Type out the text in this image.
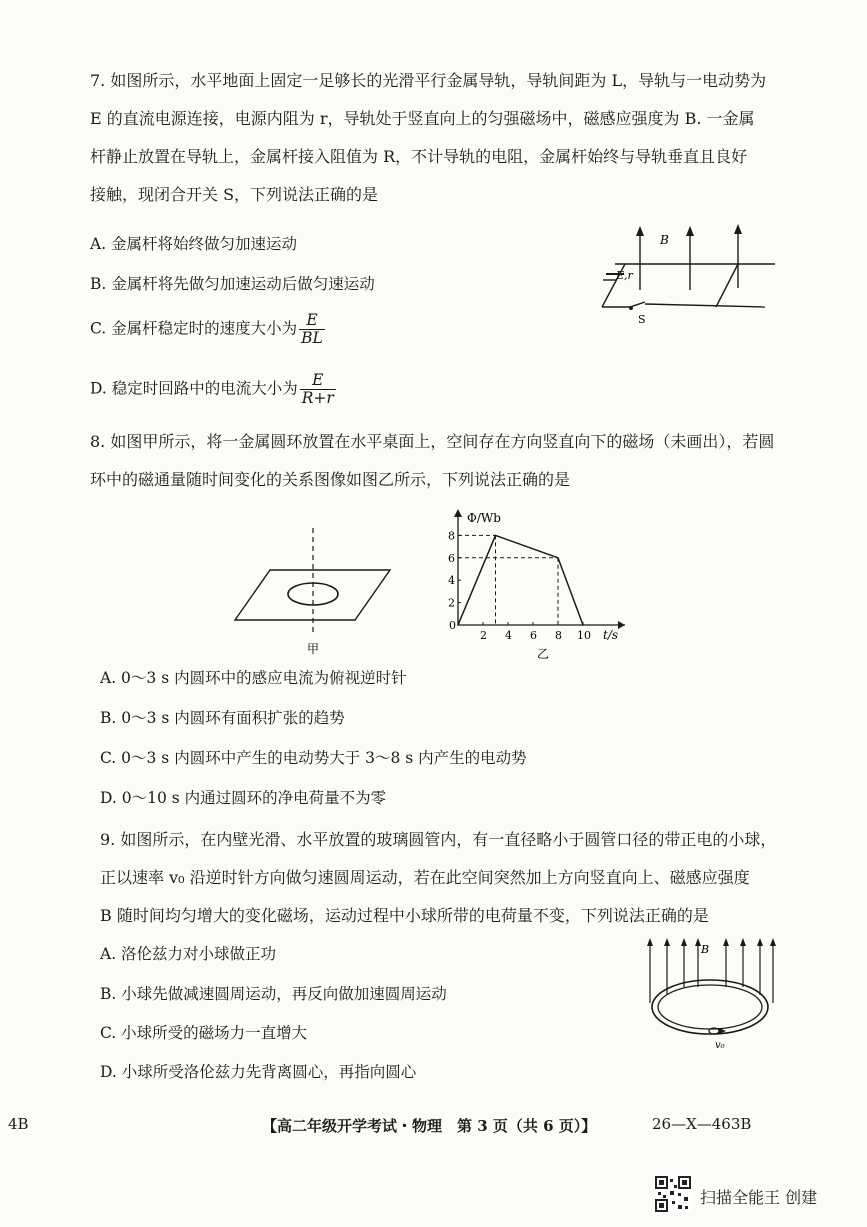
7. 如图所示，水平地面上固定一足够长的光滑平行金属导轨，导轨间距为 L，导轨与一电动势为
E 的直流电源连接，电源内阻为 r，导轨处于竖直向上的匀强磁场中，磁感应强度为 B. 一金属
杆静止放置在导轨上，金属杆接入阻值为 R，不计导轨的电阻，金属杆始终与导轨垂直且良好
接触，现闭合开关 S，下列说法正确的是
A. 金属杆将始终做匀加速运动
B. 金属杆将先做匀加速运动后做匀速运动
C. 金属杆稳定时的速度大小为 $\frac{E}{BL}$
D. 稳定时回路中的电流大小为 $\frac{E}{R+r}$
B
E,r
S
8. 如图甲所示，将一金属圆环放置在水平桌面上，空间存在方向竖直向下的磁场（未画出），若圆
环中的磁通量随时间变化的关系图像如图乙所示，下列说法正确的是
甲
Φ/Wb
t/s
0
2 4 6 8 10
8
6
4
2
乙
A. 0～3 s 内圆环中的感应电流为俯视逆时针
B. 0～3 s 内圆环有面积扩张的趋势
C. 0～3 s 内圆环中产生的电动势大于 3～8 s 内产生的电动势
D. 0～10 s 内通过圆环的净电荷量不为零
9. 如图所示，在内壁光滑、水平放置的玻璃圆管内，有一直径略小于圆管口径的带正电的小球，
正以速率 v₀ 沿逆时针方向做匀速圆周运动，若在此空间突然加上方向竖直向上、磁感应强度
B 随时间均匀增大的变化磁场，运动过程中小球所带的电荷量不变，下列说法正确的是
A. 洛伦兹力对小球做正功
B. 小球先做减速圆周运动，再反向做加速圆周运动
C. 小球所受的磁场力一直增大
D. 小球所受洛伦兹力先背离圆心，再指向圆心
B
v₀
4B	【高二年级开学考试・物理　第 3 页（共 6 页）】	26—X—463B
扫描全能王 创建
